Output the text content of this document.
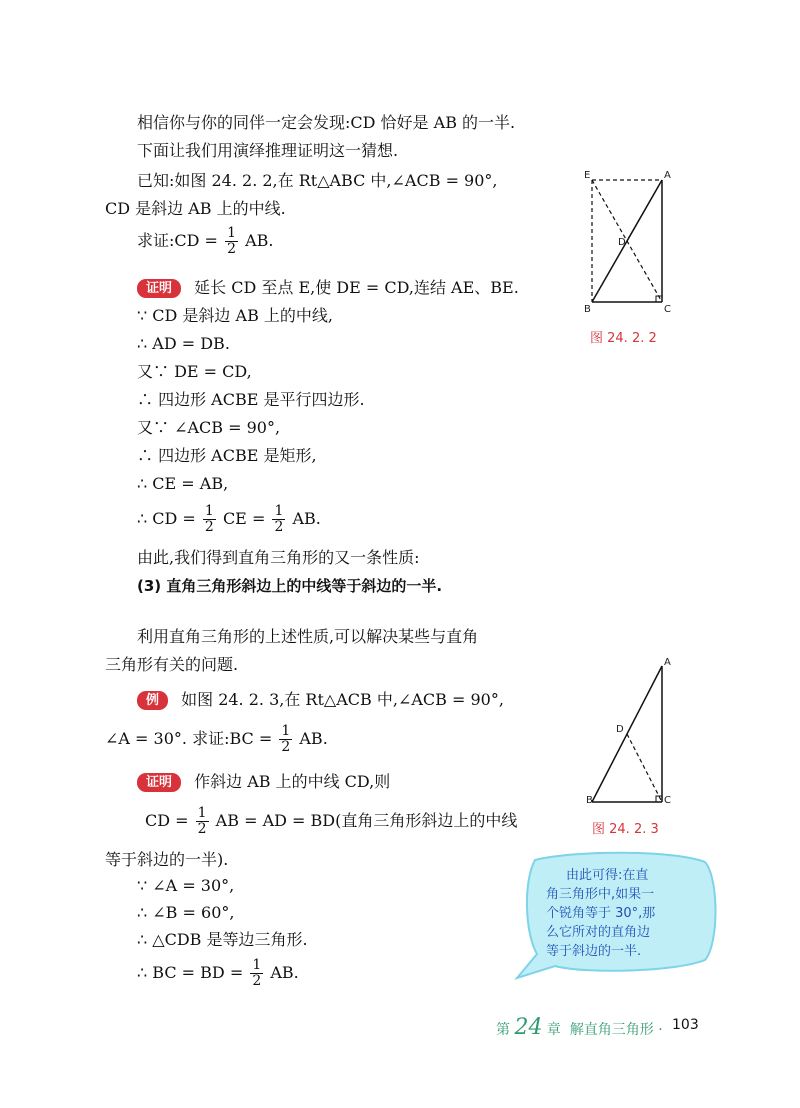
相信你与你的同伴一定会发现:CD 恰好是 AB 的一半.
下面让我们用演绎推理证明这一猜想.
已知:如图 24. 2. 2,在 Rt△ABC 中,∠ACB = 90°,
CD 是斜边 AB 上的中线.
求证:CD = $\frac{1}{2}$ AB.
证明 延长 CD 至点 E,使 DE = CD,连结 AE、BE.
∵ CD 是斜边 AB 上的中线,
∴ AD = DB.
又∵ DE = CD,
∴ 四边形 ACBE 是平行四边形.
又∵ ∠ACB = 90°,
∴ 四边形 ACBE 是矩形,
∴ CE = AB,
∴ CD = $\frac{1}{2}$ CE = $\frac{1}{2}$ AB.
由此,我们得到直角三角形的又一条性质:
(3) 直角三角形斜边上的中线等于斜边的一半.
利用直角三角形的上述性质,可以解决某些与直角
三角形有关的问题.
例 如图 24. 2. 3,在 Rt△ACB 中,∠ACB = 90°,
∠A = 30°. 求证:BC = $\frac{1}{2}$ AB.
证明 作斜边 AB 上的中线 CD,则
CD = $\frac{1}{2}$ AB = AD = BD(直角三角形斜边上的中线
等于斜边的一半).
∵ ∠A = 30°,
∴ ∠B = 60°,
∴ △CDB 是等边三角形.
∴ BC = BD = $\frac{1}{2}$ AB.
E	A
D
B	C
图 24. 2. 2
A
D
B	C
图 24. 2. 3
由此可得:在直
角三角形中,如果一
个锐角等于 30°,那
么它所对的直角边
等于斜边的一半.
第 24 章 解直角三角形 · 103
